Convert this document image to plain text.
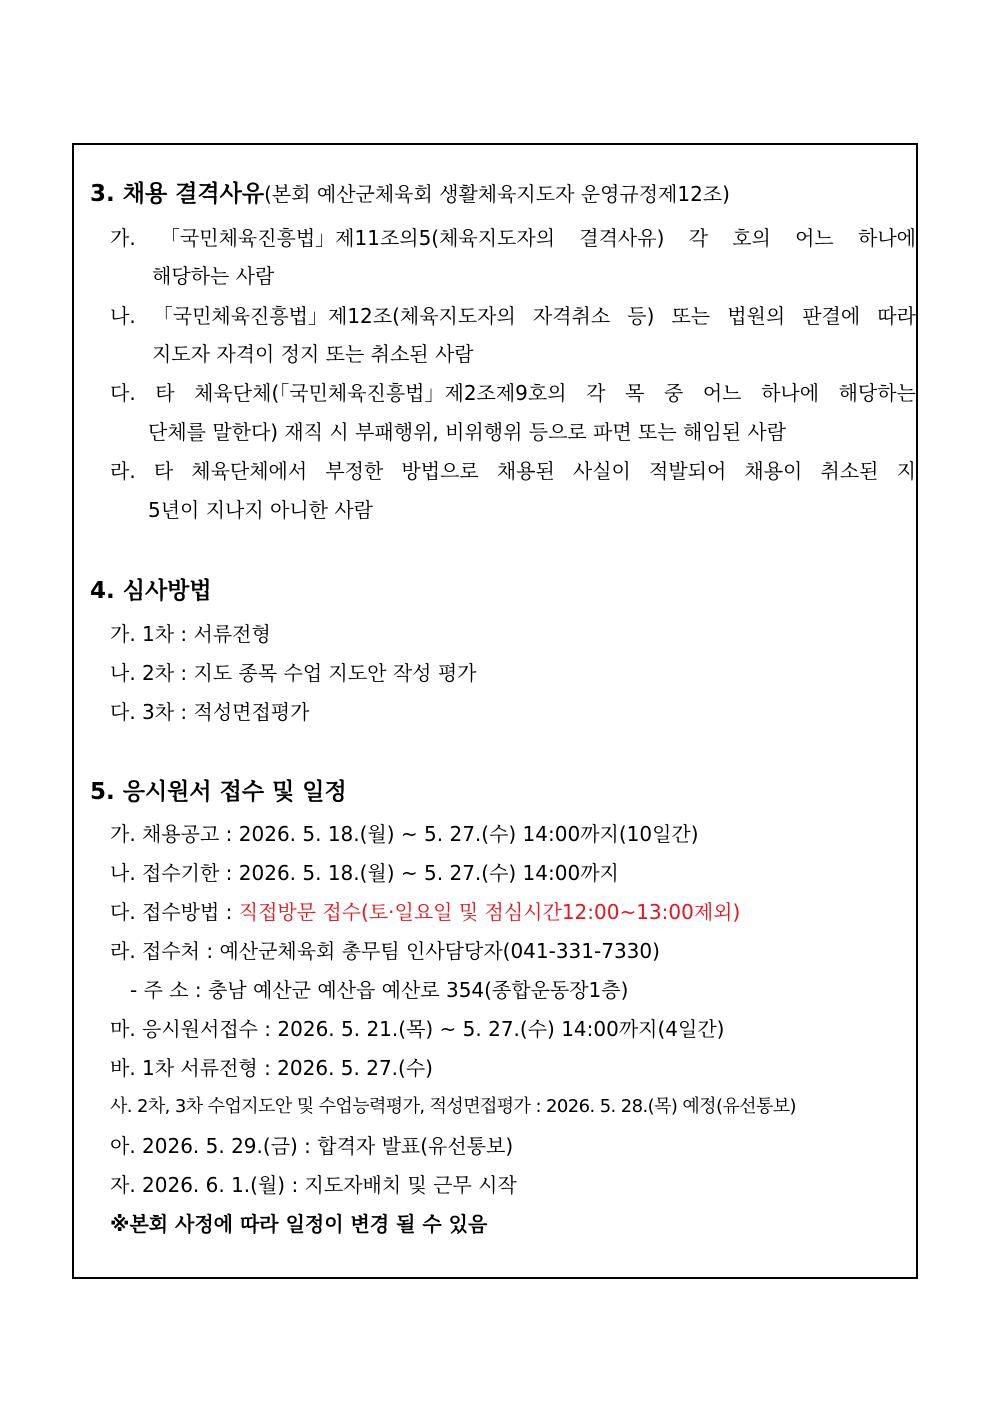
3. 채용 결격사유(본회 예산군체육회 생활체육지도자 운영규정제12조)
가. 「국민체육진흥법」제11조의5(체육지도자의 결격사유) 각 호의 어느 하나에
해당하는 사람
나. 「국민체육진흥법」제12조(체육지도자의 자격취소 등) 또는 법원의 판결에 따라
지도자 자격이 정지 또는 취소된 사람
다. 타 체육단체(「국민체육진흥법」제2조제9호의 각 목 중 어느 하나에 해당하는
단체를 말한다) 재직 시 부패행위, 비위행위 등으로 파면 또는 해임된 사람
라. 타 체육단체에서 부정한 방법으로 채용된 사실이 적발되어 채용이 취소된 지
5년이 지나지 아니한 사람
4. 심사방법
가. 1차 : 서류전형
나. 2차 : 지도 종목 수업 지도안 작성 평가
다. 3차 : 적성면접평가
5. 응시원서 접수 및 일정
가. 채용공고 : 2026. 5. 18.(월) ~ 5. 27.(수) 14:00까지(10일간)
나. 접수기한 : 2026. 5. 18.(월) ~ 5. 27.(수) 14:00까지
다. 접수방법 : 직접방문 접수(토·일요일 및 점심시간12:00~13:00제외)
라. 접수처 : 예산군체육회 총무팀 인사담당자(041-331-7330)
- 주 소 : 충남 예산군 예산읍 예산로 354(종합운동장1층)
마. 응시원서접수 : 2026. 5. 21.(목) ~ 5. 27.(수) 14:00까지(4일간)
바. 1차 서류전형 : 2026. 5. 27.(수)
사. 2차, 3차 수업지도안 및 수업능력평가, 적성면접평가 : 2026. 5. 28.(목) 예정(유선통보)
아. 2026. 5. 29.(금) : 합격자 발표(유선통보)
자. 2026. 6. 1.(월) : 지도자배치 및 근무 시작
※본회 사정에 따라 일정이 변경 될 수 있음
